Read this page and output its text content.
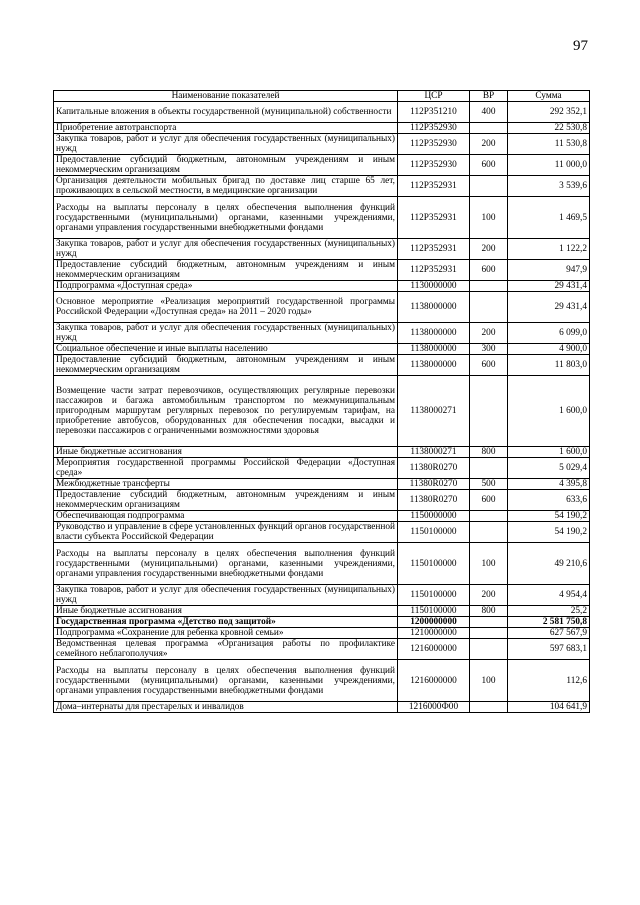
97
Наименование показателей	ЦСР	ВР	Сумма
Капитальные вложения в объекты государственной (муниципальной) собственности	112P351210	400	292 352,1
Приобретение автотранспорта	112P352930		22 530,8
Закупка товаров, работ и услуг для обеспечения государственных (муниципальных) нужд	112P352930	200	11 530,8
Предоставление субсидий бюджетным, автономным учреждениям и иным некоммерческим организациям	112P352930	600	11 000,0
Организация деятельности мобильных бригад по доставке лиц старше 65 лет, проживающих в сельской местности, в медицинские организации	112P352931		3 539,6
Расходы на выплаты персоналу в целях обеспечения выполнения функций государственными (муниципальными) органами, казенными учреждениями, органами управления государственными внебюджетными фондами	112P352931	100	1 469,5
Закупка товаров, работ и услуг для обеспечения государственных (муниципальных) нужд	112P352931	200	1 122,2
Предоставление субсидий бюджетным, автономным учреждениям и иным некоммерческим организациям	112P352931	600	947,9
Подпрограмма «Доступная среда»	1130000000		29 431,4
Основное мероприятие «Реализация мероприятий государственной программы Российской Федерации «Доступная среда» на 2011 – 2020 годы»	1138000000		29 431,4
Закупка товаров, работ и услуг для обеспечения государственных (муниципальных) нужд	1138000000	200	6 099,0
Социальное обеспечение и иные выплаты населению	1138000000	300	4 900,0
Предоставление субсидий бюджетным, автономным учреждениям и иным некоммерческим организациям	1138000000	600	11 803,0
Возмещение части затрат перевозчиков, осуществляющих регулярные перевозки пассажиров и багажа автомобильным транспортом по межмуниципальным пригородным маршрутам регулярных перевозок по регулируемым тарифам, на приобретение автобусов, оборудованных для обеспечения посадки, высадки и перевозки пассажиров с ограниченными возможностями здоровья	1138000271		1 600,0
Иные бюджетные ассигнования	1138000271	800	1 600,0
Мероприятия государственной программы Российской Федерации «Доступная среда»	11380R0270		5 029,4
Межбюджетные трансферты	11380R0270	500	4 395,8
Предоставление субсидий бюджетным, автономным учреждениям и иным некоммерческим организациям	11380R0270	600	633,6
Обеспечивающая подпрограмма	1150000000		54 190,2
Руководство и управление в сфере установленных функций органов государственной власти субъекта Российской Федерации	1150100000		54 190,2
Расходы на выплаты персоналу в целях обеспечения выполнения функций государственными (муниципальными) органами, казенными учреждениями, органами управления государственными внебюджетными фондами	1150100000	100	49 210,6
Закупка товаров, работ и услуг для обеспечения государственных (муниципальных) нужд	1150100000	200	4 954,4
Иные бюджетные ассигнования	1150100000	800	25,2
Государственная программа «Детство под защитой»	1200000000		2 581 750,8
Подпрограмма «Сохранение для ребенка кровной семьи»	1210000000		627 567,9
Ведомственная целевая программа «Организация работы по профилактике семейного неблагополучия»	1216000000		597 683,1
Расходы на выплаты персоналу в целях обеспечения выполнения функций государственными (муниципальными) органами, казенными учреждениями, органами управления государственными внебюджетными фондами	1216000000	100	112,6
Дома–интернаты для престарелых и инвалидов	1216000Ф00		104 641,9
